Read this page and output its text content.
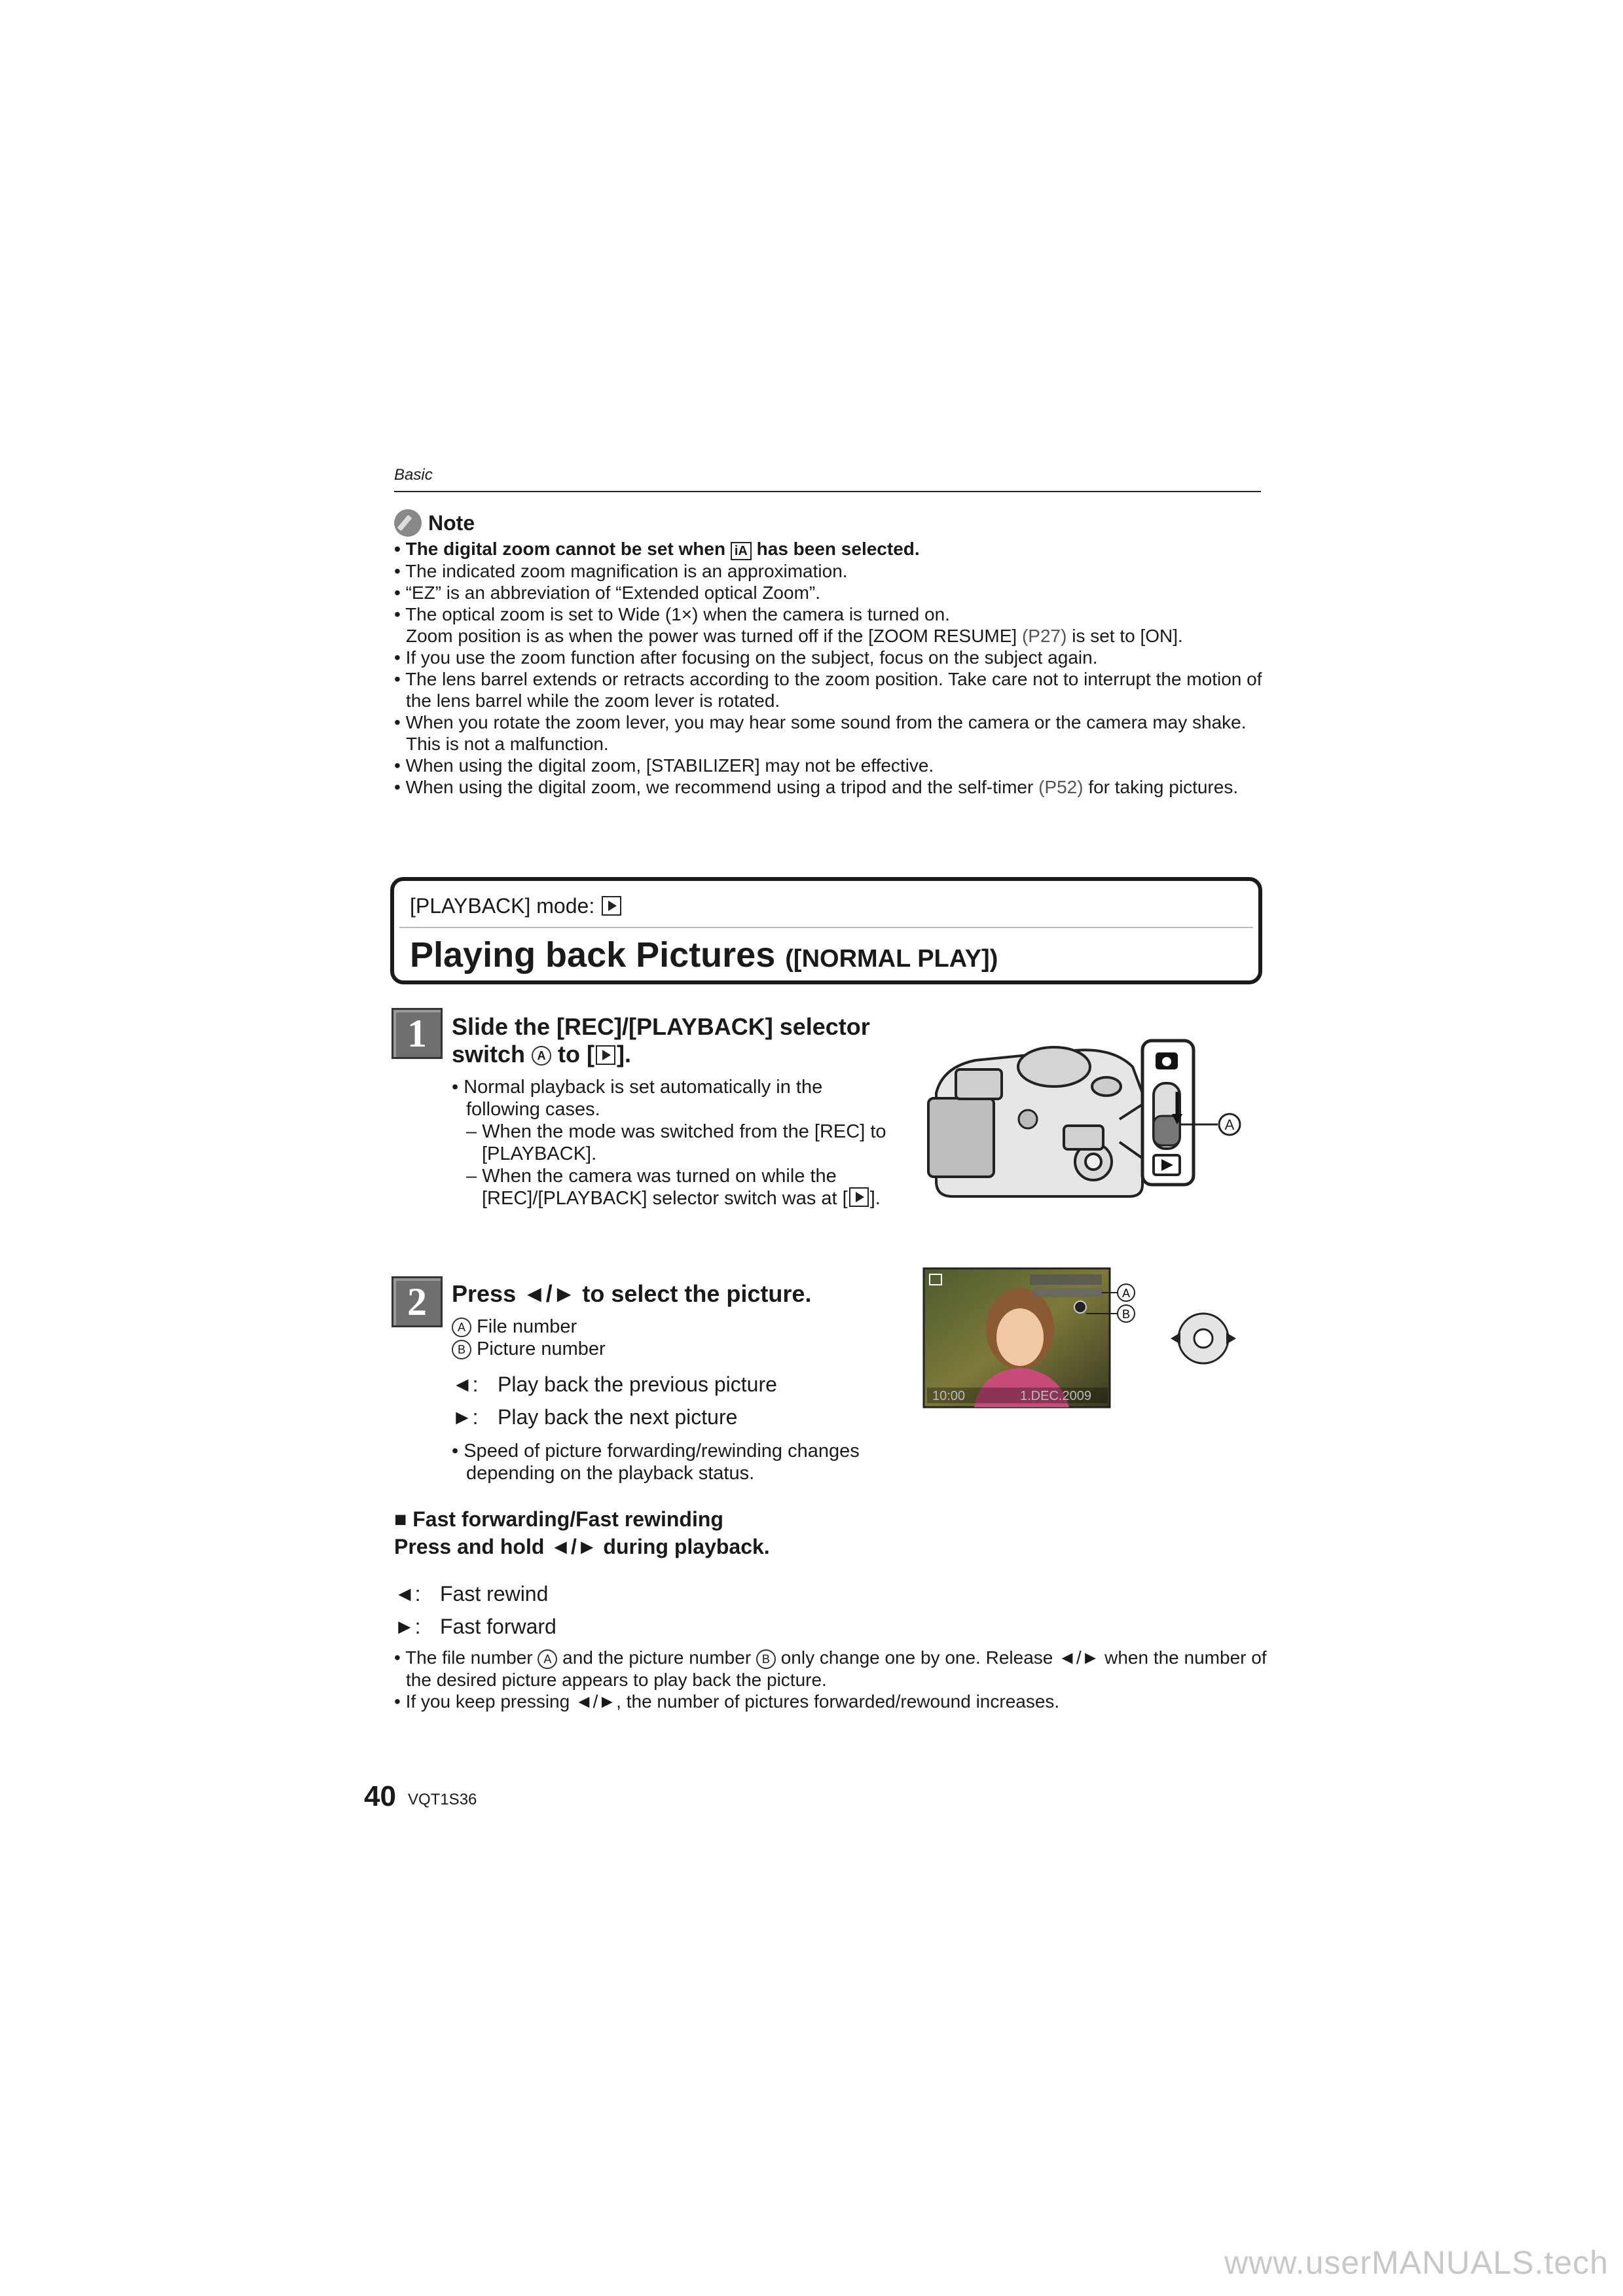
Basic
Note
• The digital zoom cannot be set when iA has been selected.
• The indicated zoom magnification is an approximation.
• “EZ” is an abbreviation of “Extended optical Zoom”.
• The optical zoom is set to Wide (1×) when the camera is turned on.
Zoom position is as when the power was turned off if the [ZOOM RESUME] (P27) is set to [ON].
• If you use the zoom function after focusing on the subject, focus on the subject again.
• The lens barrel extends or retracts according to the zoom position. Take care not to interrupt the motion of the lens barrel while the zoom lever is rotated.
• When you rotate the zoom lever, you may hear some sound from the camera or the camera may shake. This is not a malfunction.
• When using the digital zoom, [STABILIZER] may not be effective.
• When using the digital zoom, we recommend using a tripod and the self-timer (P52) for taking pictures.
[PLAYBACK] mode:
Playing back Pictures ([NORMAL PLAY])
1	Slide the [REC]/[PLAYBACK] selector
switch A to [ ].
• Normal playback is set automatically in the following cases.
– When the mode was switched from the [REC] to [PLAYBACK].
– When the camera was turned on while the [REC]/[PLAYBACK] selector switch was at [ ].
A
2	Press ◄/► to select the picture.
A File number
B Picture number
◄: Play back the previous picture
►: Play back the next picture
• Speed of picture forwarding/rewinding changes depending on the playback status.
10:00	1.DEC.2009
A
B
■ Fast forwarding/Fast rewinding
Press and hold ◄/► during playback.
◄: Fast rewind
►: Fast forward
• The file number A and the picture number B only change one by one. Release ◄/► when the number of the desired picture appears to play back the picture.
• If you keep pressing ◄/►, the number of pictures forwarded/rewound increases.
40 VQT1S36
www.userMANUALS.tech
